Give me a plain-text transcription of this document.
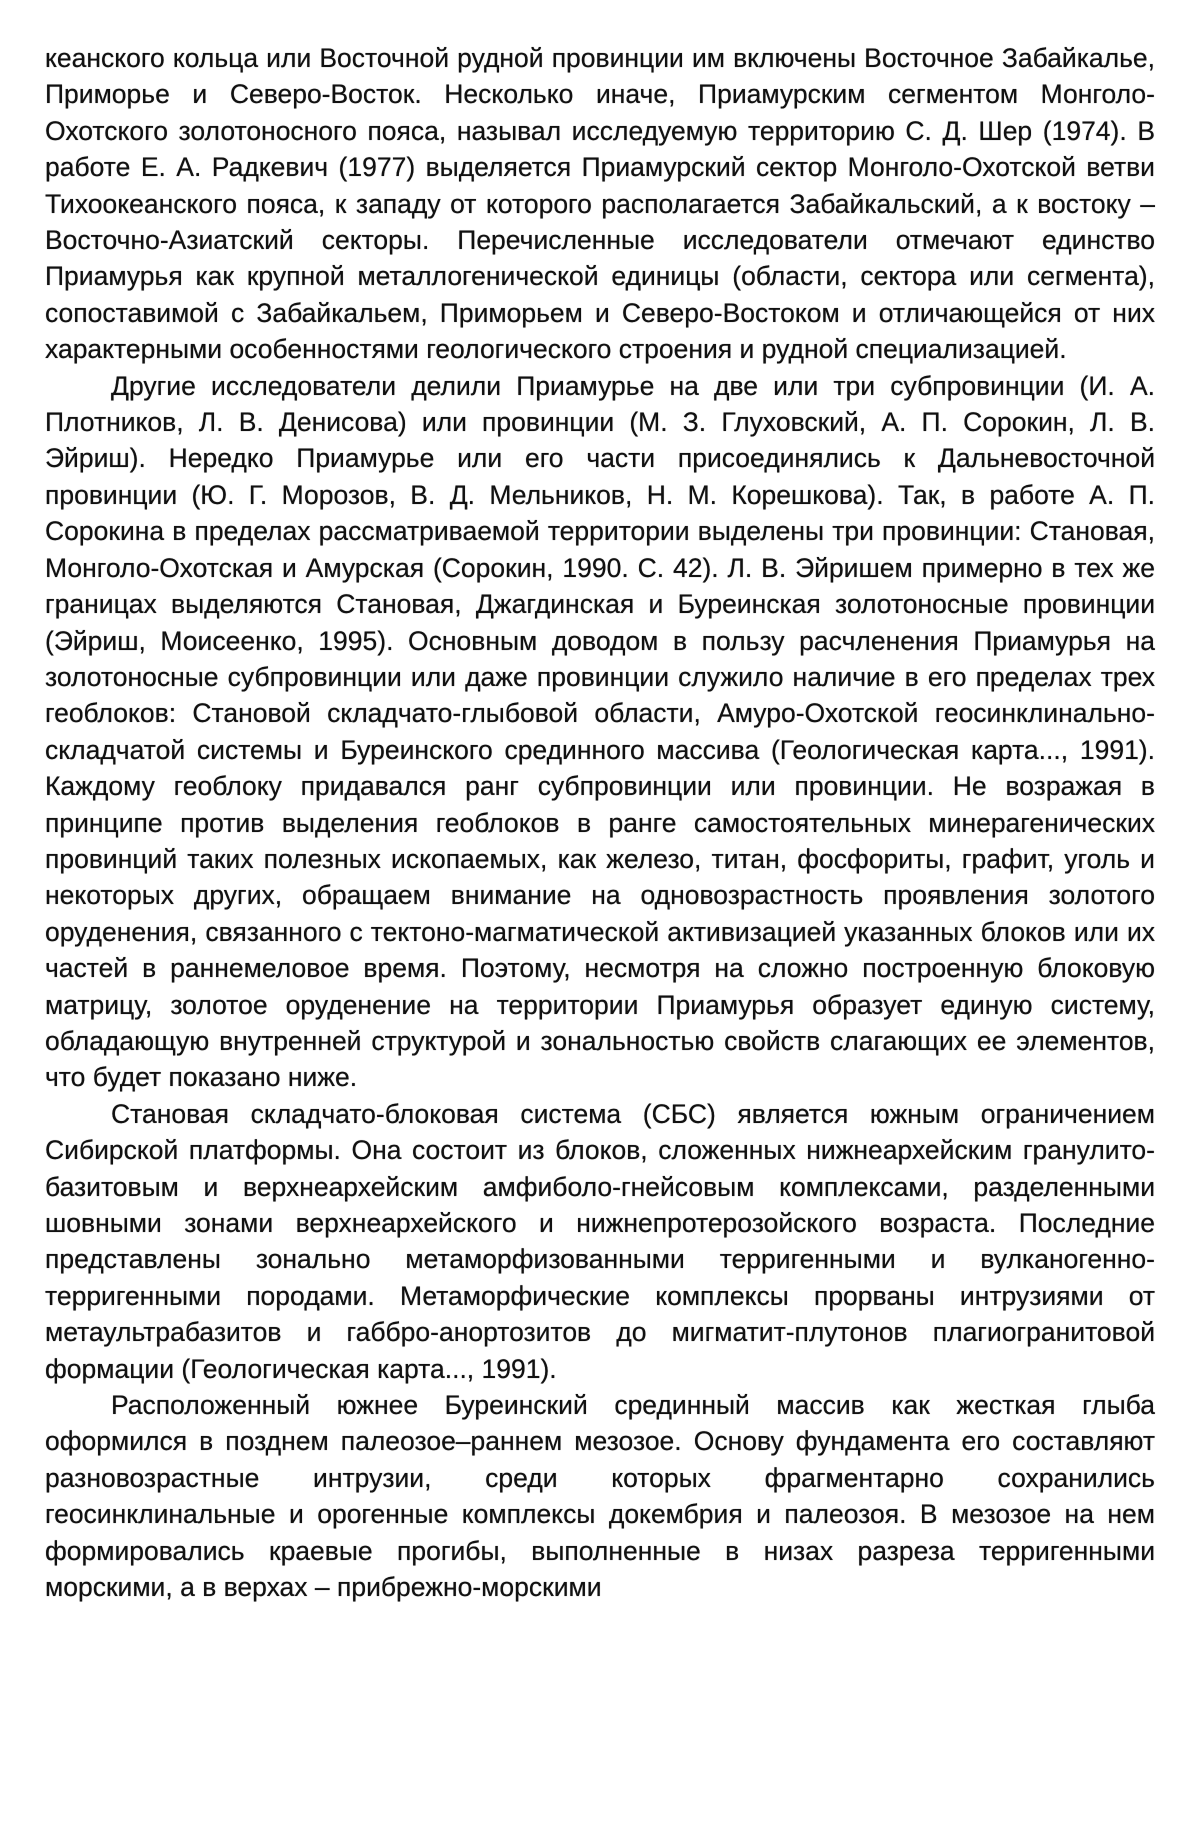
кеанского кольца или Восточной рудной провинции им включены Восточное Забайкалье, Приморье и Северо-Восток. Несколько иначе, Приамурским сегментом Монголо-Охотского золотоносного пояса, называл исследуемую территорию С. Д. Шер (1974). В работе Е. А. Радкевич (1977) выделяется Приамурский сектор Монголо-Охотской ветви Тихоокеанского пояса, к западу от которого располагается Забайкальский, а к востоку – Восточно-Азиатский секторы. Перечисленные исследователи отмечают единство Приамурья как крупной металлогенической единицы (области, сектора или сегмента), сопоставимой с Забайкальем, Приморьем и Северо-Востоком и отличающейся от них характерными особенностями геологического строения и рудной специализацией.

Другие исследователи делили Приамурье на две или три субпровинции (И. А. Плотников, Л. В. Денисова) или провинции (М. З. Глуховский, А. П. Сорокин, Л. В. Эйриш). Нередко Приамурье или его части присоединялись к Дальневосточной провинции (Ю. Г. Морозов, В. Д. Мельников, Н. М. Корешкова). Так, в работе А. П. Сорокина в пределах рассматриваемой территории выделены три провинции: Становая, Монголо-Охотская и Амурская (Сорокин, 1990. С. 42). Л. В. Эйришем примерно в тех же границах выделяются Становая, Джагдинская и Буреинская золотоносные провинции (Эйриш, Моисеенко, 1995). Основным доводом в пользу расчленения Приамурья на золотоносные субпровинции или даже провинции служило наличие в его пределах трех геоблоков: Становой складчато-глыбовой области, Амуро-Охотской геосинклинально-складчатой системы и Буреинского срединного массива (Геологическая карта..., 1991). Каждому геоблоку придавался ранг субпровинции или провинции. Не возражая в принципе против выделения геоблоков в ранге самостоятельных минерагенических провинций таких полезных ископаемых, как железо, титан, фосфориты, графит, уголь и некоторых других, обращаем внимание на одновозрастность проявления золотого оруденения, связанного с тектоно-магматической активизацией указанных блоков или их частей в раннемеловое время. Поэтому, несмотря на сложно построенную блоковую матрицу, золотое оруденение на территории Приамурья образует единую систему, обладающую внутренней структурой и зональностью свойств слагающих ее элементов, что будет показано ниже.

Становая складчато-блоковая система (СБС) является южным ограничением Сибирской платформы. Она состоит из блоков, сложенных нижнеархейским гранулито-базитовым и верхнеархейским амфиболо-гнейсовым комплексами, разделенными шовными зонами верхнеархейского и нижнепротерозойского возраста. Последние представлены зонально метаморфизованными терригенными и вулканогенно-терригенными породами. Метаморфические комплексы прорваны интрузиями от метаультрабазитов и габбро-анортозитов до мигматит-плутонов плагиогранитовой формации (Геологическая карта..., 1991).

Расположенный южнее Буреинский срединный массив как жесткая глыба оформился в позднем палеозое–раннем мезозое. Основу фундамента его составляют разновозрастные интрузии, среди которых фрагментарно сохранились геосинклинальные и орогенные комплексы докембрия и палеозоя. В мезозое на нем формировались краевые прогибы, выполненные в низах разреза терригенными морскими, а в верхах – прибрежно-морскими
